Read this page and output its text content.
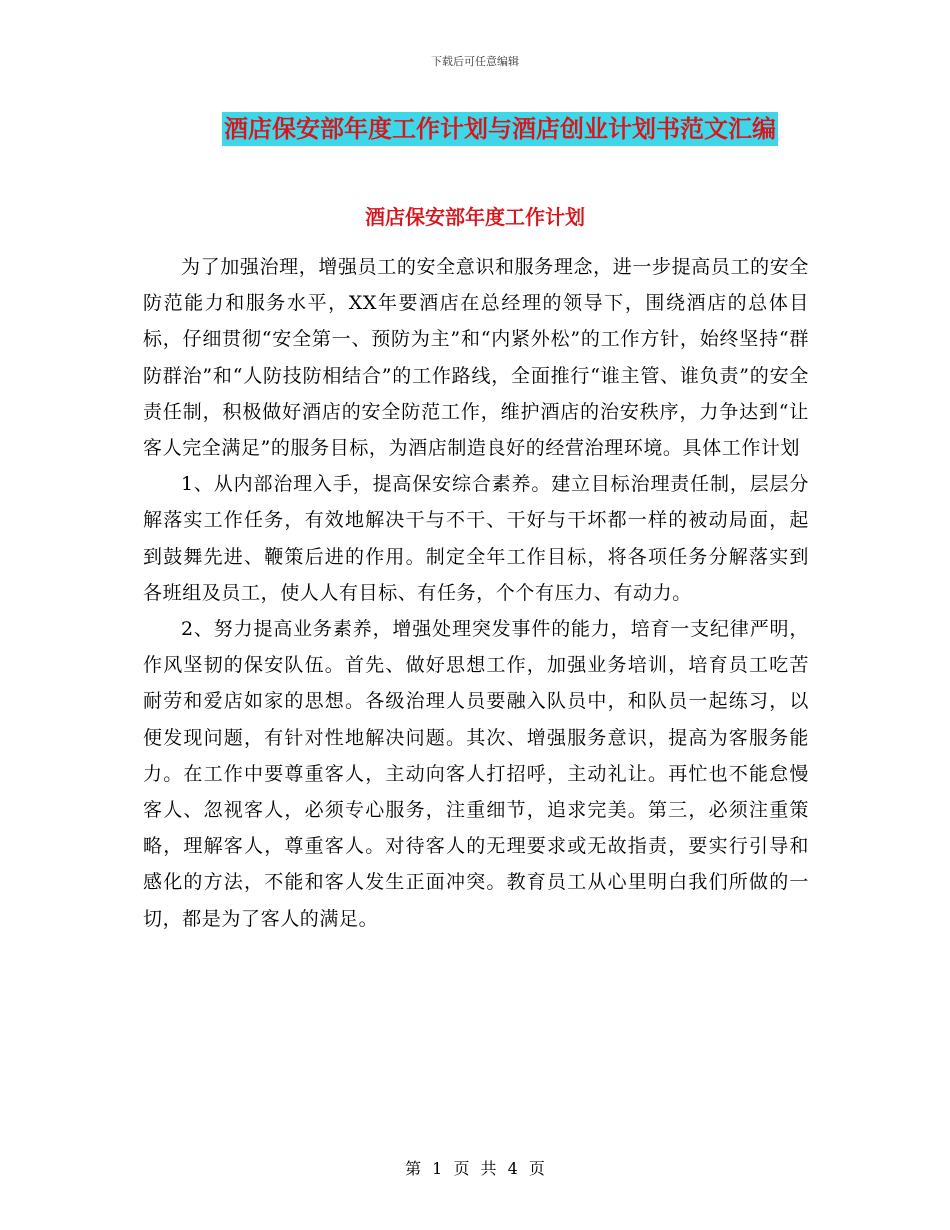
下载后可任意编辑
酒店保安部年度工作计划与酒店创业计划书范文汇编
酒店保安部年度工作计划

为了加强治理，增强员工的安全意识和服务理念，进一步提高员工的安全防范能力和服务水平，XX年要酒店在总经理的领导下，围绕酒店的总体目标，仔细贯彻“安全第一、预防为主”和“内紧外松”的工作方针，始终坚持“群防群治”和“人防技防相结合”的工作路线，全面推行“谁主管、谁负责”的安全责任制，积极做好酒店的安全防范工作，维护酒店的治安秩序，力争达到“让客人完全满足”的服务目标，为酒店制造良好的经营治理环境。具体工作计划

1、从内部治理入手，提高保安综合素养。建立目标治理责任制，层层分解落实工作任务，有效地解决干与不干、干好与干坏都一样的被动局面，起到鼓舞先进、鞭策后进的作用。制定全年工作目标，将各项任务分解落实到各班组及员工，使人人有目标、有任务，个个有压力、有动力。

2、努力提高业务素养，增强处理突发事件的能力，培育一支纪律严明，作风坚韧的保安队伍。首先、做好思想工作，加强业务培训，培育员工吃苦耐劳和爱店如家的思想。各级治理人员要融入队员中，和队员一起练习，以便发现问题，有针对性地解决问题。其次、增强服务意识，提高为客服务能力。在工作中要尊重客人，主动向客人打招呼，主动礼让。再忙也不能怠慢客人、忽视客人，必须专心服务，注重细节，追求完美。第三，必须注重策略，理解客人，尊重客人。对待客人的无理要求或无故指责，要实行引导和感化的方法，不能和客人发生正面冲突。教育员工从心里明白我们所做的一切，都是为了客人的满足。

第 1 页 共 4 页
